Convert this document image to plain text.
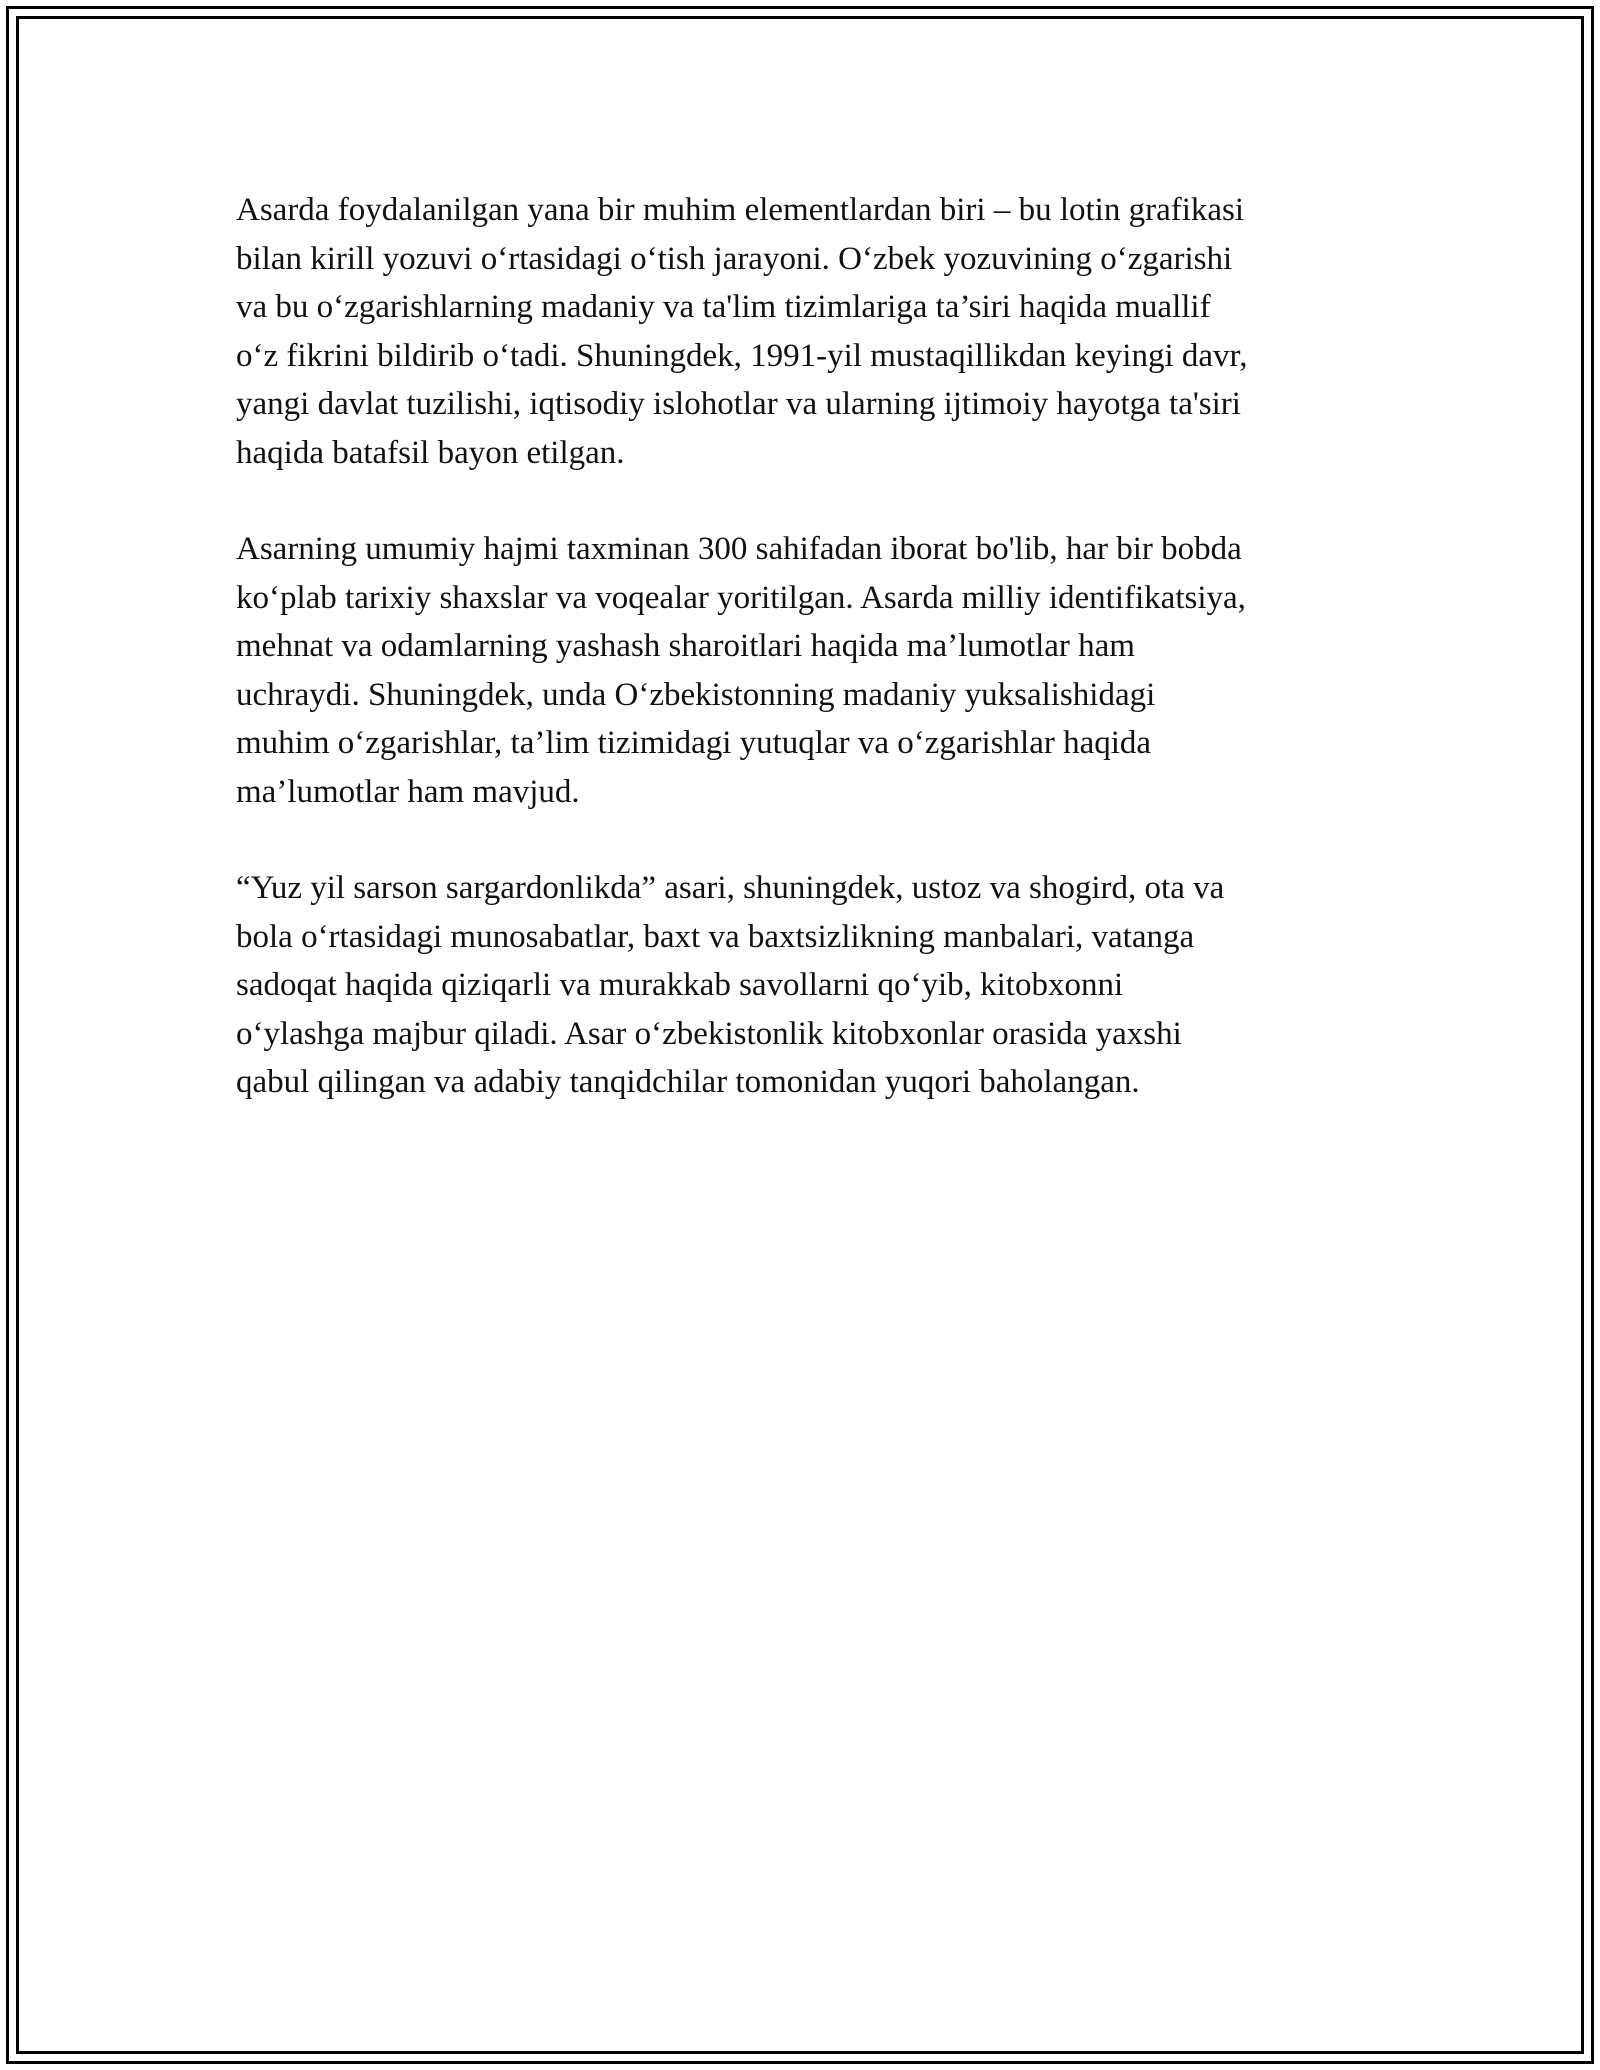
Asarda foydalanilgan yana bir muhim elementlardan biri – bu lotin grafikasi
bilan kirill yozuvi o‘rtasidagi o‘tish jarayoni. O‘zbek yozuvining o‘zgarishi
va bu o‘zgarishlarning madaniy va ta'lim tizimlariga ta’siri haqida muallif
o‘z fikrini bildirib o‘tadi. Shuningdek, 1991-yil mustaqillikdan keyingi davr,
yangi davlat tuzilishi, iqtisodiy islohotlar va ularning ijtimoiy hayotga ta'siri
haqida batafsil bayon etilgan.

Asarning umumiy hajmi taxminan 300 sahifadan iborat bo'lib, har bir bobda
ko‘plab tarixiy shaxslar va voqealar yoritilgan. Asarda milliy identifikatsiya,
mehnat va odamlarning yashash sharoitlari haqida ma’lumotlar ham
uchraydi. Shuningdek, unda O‘zbekistonning madaniy yuksalishidagi
muhim o‘zgarishlar, ta’lim tizimidagi yutuqlar va o‘zgarishlar haqida
ma’lumotlar ham mavjud.

“Yuz yil sarson sargardonlikda” asari, shuningdek, ustoz va shogird, ota va
bola o‘rtasidagi munosabatlar, baxt va baxtsizlikning manbalari, vatanga
sadoqat haqida qiziqarli va murakkab savollarni qo‘yib, kitobxonni
o‘ylashga majbur qiladi. Asar o‘zbekistonlik kitobxonlar orasida yaxshi
qabul qilingan va adabiy tanqidchilar tomonidan yuqori baholangan.
